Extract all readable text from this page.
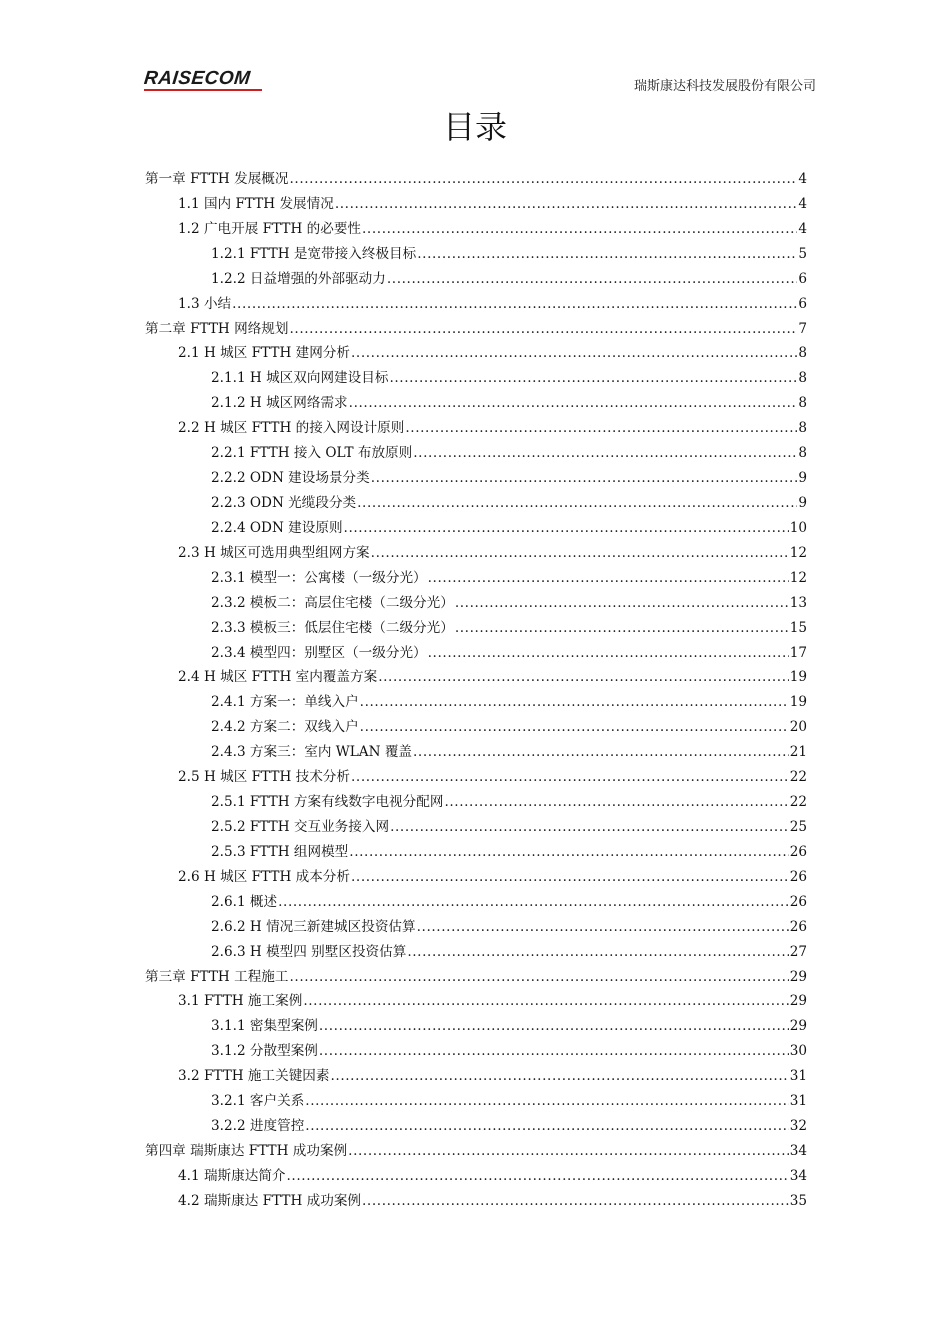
RAISECOM	瑞斯康达科技发展股份有限公司
目录
第一章 FTTH 发展概况 .....	4
1.1 国内 FTTH 发展情况 .....	4
1.2 广电开展 FTTH 的必要性 .....	4
1.2.1 FTTH 是宽带接入终极目标 .....	5
1.2.2 日益增强的外部驱动力 .....	6
1.3 小结 .....	6
第二章 FTTH 网络规划 .....	7
2.1 H 城区 FTTH 建网分析 .....	8
2.1.1 H 城区双向网建设目标 .....	8
2.1.2 H 城区网络需求 .....	8
2.2 H 城区 FTTH 的接入网设计原则 .....	8
2.2.1 FTTH 接入 OLT 布放原则 .....	8
2.2.2 ODN 建设场景分类 .....	9
2.2.3 ODN 光缆段分类 .....	9
2.2.4 ODN 建设原则 .....	10
2.3 H 城区可选用典型组网方案 .....	12
2.3.1 模型一：公寓楼（一级分光） .....	12
2.3.2 模板二：高层住宅楼（二级分光） .....	13
2.3.3 模板三：低层住宅楼（二级分光） .....	15
2.3.4 模型四：别墅区（一级分光） .....	17
2.4 H 城区 FTTH 室内覆盖方案 .....	19
2.4.1 方案一：单线入户 .....	19
2.4.2 方案二：双线入户 .....	20
2.4.3 方案三：室内 WLAN 覆盖 .....	21
2.5 H 城区 FTTH 技术分析 .....	22
2.5.1 FTTH 方案有线数字电视分配网 .....	22
2.5.2 FTTH 交互业务接入网 .....	25
2.5.3 FTTH 组网模型 .....	26
2.6 H 城区 FTTH 成本分析 .....	26
2.6.1 概述 .....	26
2.6.2 H 情况三新建城区投资估算 .....	26
2.6.3 H 模型四 别墅区投资估算 .....	27
第三章 FTTH 工程施工 .....	29
3.1 FTTH 施工案例 .....	29
3.1.1 密集型案例 .....	29
3.1.2 分散型案例 .....	30
3.2 FTTH 施工关键因素 .....	31
3.2.1 客户关系 .....	31
3.2.2 进度管控 .....	32
第四章 瑞斯康达 FTTH 成功案例 .....	34
4.1 瑞斯康达简介 .....	34
4.2 瑞斯康达 FTTH 成功案例 .....	35
